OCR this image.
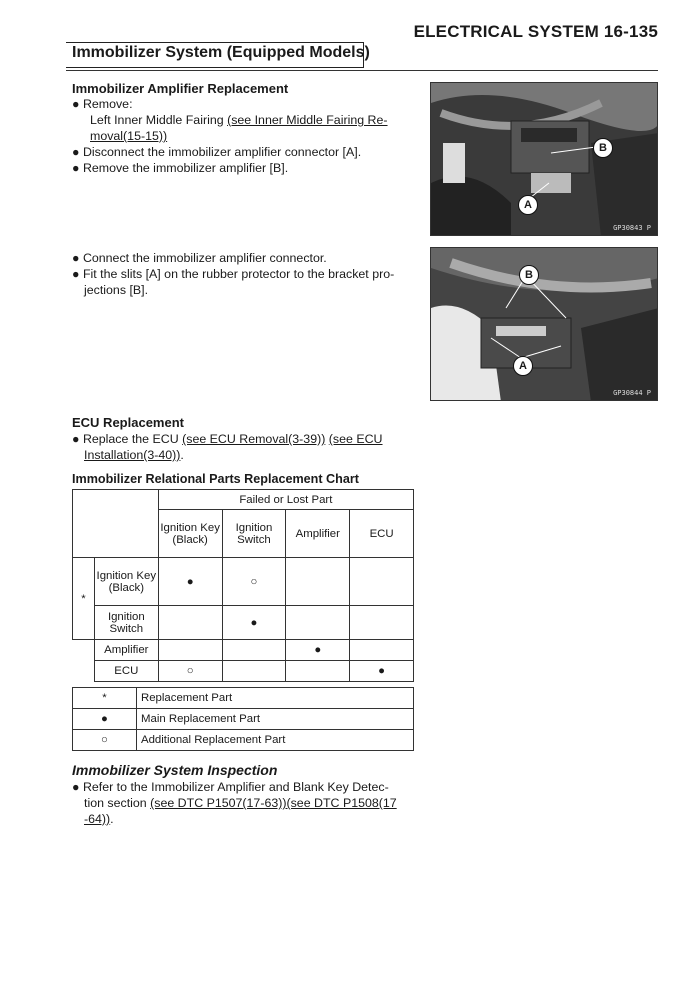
ELECTRICAL SYSTEM 16-135
Immobilizer System (Equipped Models)
Immobilizer Amplifier Replacement
● Remove:
Left Inner Middle Fairing (see Inner Middle Fairing Re-
moval(15-15))
● Disconnect the immobilizer amplifier connector [A].
● Remove the immobilizer amplifier [B].
● Connect the immobilizer amplifier connector.
● Fit the slits [A] on the rubber protector to the bracket pro-
jections [B].
B
A
GP30843 P
B
A
GP30844 P
ECU Replacement
● Replace the ECU (see ECU Removal(3-39)) (see ECU
Installation(3-40)).
Immobilizer Relational Parts Replacement Chart
		Failed or Lost Part			
		Ignition Key (Black)	Ignition Switch	Amplifier	ECU
*	Ignition Key (Black)	●	○		
	Ignition Switch		●		
	Amplifier			●	
	ECU	○			●
*	Replacement Part
●	Main Replacement Part
○	Additional Replacement Part
Immobilizer System Inspection
● Refer to the Immobilizer Amplifier and Blank Key Detec-
tion section (see DTC P1507(17-63))(see DTC P1508(17
-64)).
